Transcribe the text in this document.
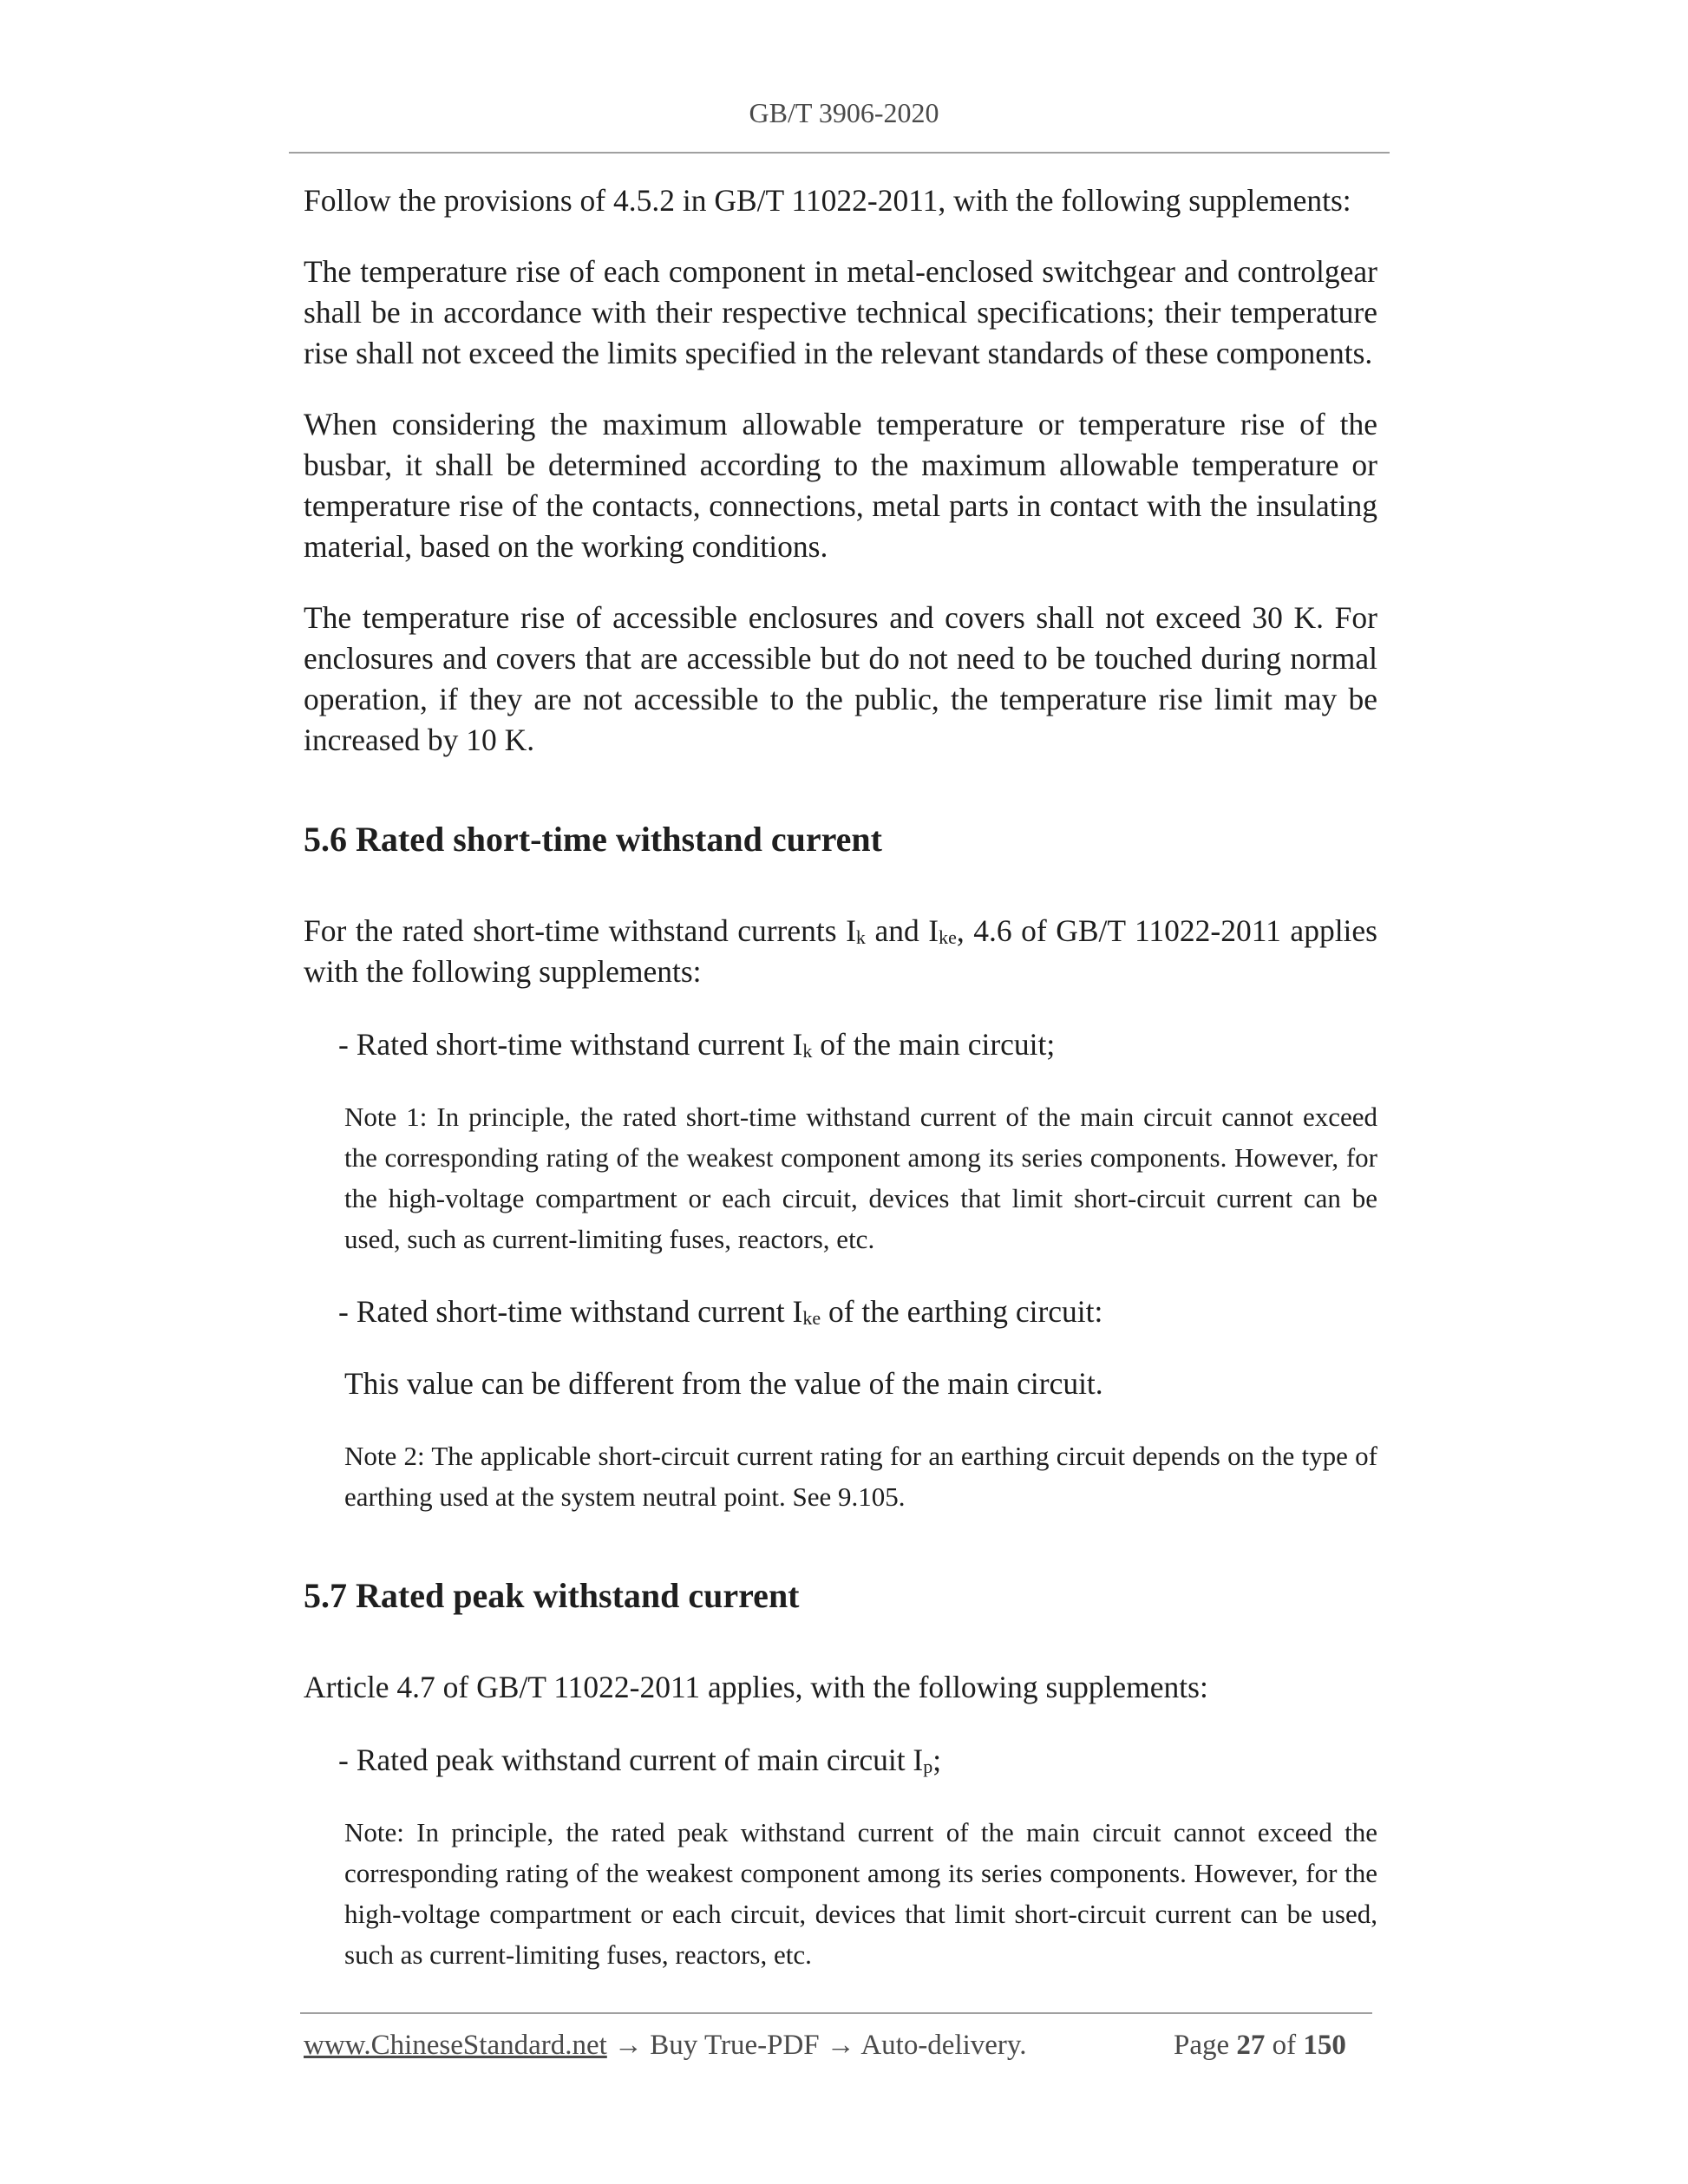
GB/T 3906-2020

Follow the provisions of 4.5.2 in GB/T 11022-2011, with the following supplements:

The temperature rise of each component in metal-enclosed switchgear and controlgear shall be in accordance with their respective technical specifications; their temperature rise shall not exceed the limits specified in the relevant standards of these components.

When considering the maximum allowable temperature or temperature rise of the busbar, it shall be determined according to the maximum allowable temperature or temperature rise of the contacts, connections, metal parts in contact with the insulating material, based on the working conditions.

The temperature rise of accessible enclosures and covers shall not exceed 30 K. For enclosures and covers that are accessible but do not need to be touched during normal operation, if they are not accessible to the public, the temperature rise limit may be increased by 10 K.

5.6 Rated short-time withstand current

For the rated short-time withstand currents $I_k$ and $I_{ke}$, 4.6 of GB/T 11022-2011 applies with the following supplements:

- Rated short-time withstand current $I_k$ of the main circuit;

Note 1: In principle, the rated short-time withstand current of the main circuit cannot exceed the corresponding rating of the weakest component among its series components. However, for the high-voltage compartment or each circuit, devices that limit short-circuit current can be used, such as current-limiting fuses, reactors, etc.

- Rated short-time withstand current $I_{ke}$ of the earthing circuit:

This value can be different from the value of the main circuit.

Note 2: The applicable short-circuit current rating for an earthing circuit depends on the type of earthing used at the system neutral point. See 9.105.

5.7 Rated peak withstand current

Article 4.7 of GB/T 11022-2011 applies, with the following supplements:

- Rated peak withstand current of main circuit $I_p$;

Note: In principle, the rated peak withstand current of the main circuit cannot exceed the corresponding rating of the weakest component among its series components. However, for the high-voltage compartment or each circuit, devices that limit short-circuit current can be used, such as current-limiting fuses, reactors, etc.

www.ChineseStandard.net → Buy True-PDF → Auto-delivery.	Page 27 of 150
